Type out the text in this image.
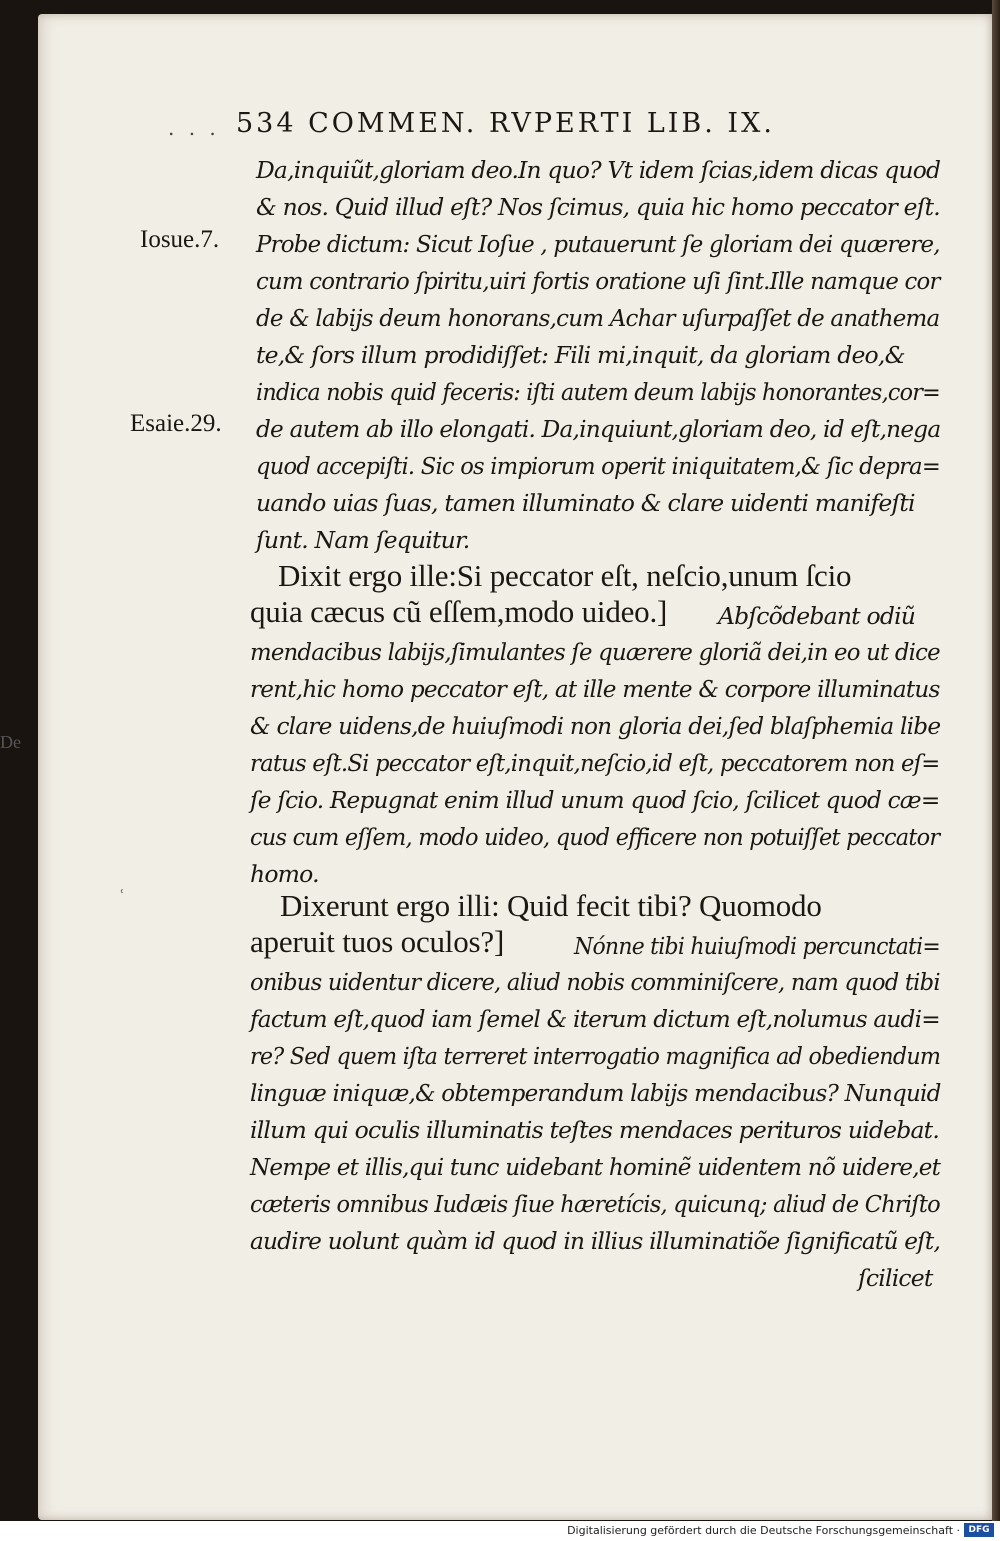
. . . 534 COMMEN. RVPERTI LIB. IX.
Iosue.7.
Esaie.29.
De
ʿ
Da,inquiũt,gloriam deo.In quo? Vt idem ſcias,idem dicas quod
& nos. Quid illud eſt? Nos ſcimus, quia hic homo peccator eſt.
Probe dictum: Sicut Ioſue , putauerunt ſe gloriam dei quærere,
cum contrario ſpiritu,uiri fortis oratione uſi ſint.Ille namque cor
de & labijs deum honorans,cum Achar uſurpaſſet de anathema
te,& ſors illum prodidiſſet: Fili mi,inquit, da gloriam deo,&
indica nobis quid feceris: iſti autem deum labijs honorantes,cor=
de autem ab illo elongati. Da,inquiunt,gloriam deo, id eſt,nega
quod accepiſti. Sic os impiorum operit iniquitatem,& ſic depra=
uando uias ſuas, tamen illuminato & clare uidenti manifeſti
ſunt. Nam ſequitur.
Dixit ergo ille:Si peccator eſt, neſcio,unum ſcio
quia cæcus cũ eſſem,modo uideo.] Abſcõdebant odiũ
mendacibus labijs,ſimulantes ſe quærere gloriã dei,in eo ut dice
rent,hic homo peccator eſt, at ille mente & corpore illuminatus
& clare uidens,de huiuſmodi non gloria dei,ſed blaſphemia libe
ratus eſt.Si peccator eſt,inquit,neſcio,id eſt, peccatorem non eſ=
ſe ſcio. Repugnat enim illud unum quod ſcio, ſcilicet quod cæ=
cus cum eſſem, modo uideo, quod efficere non potuiſſet peccator
homo.
Dixerunt ergo illi: Quid fecit tibi? Quomodo
aperuit tuos oculos?]	Nónne tibi huiuſmodi percunctati=
onibus uidentur dicere, aliud nobis comminiſcere, nam quod tibi
factum eſt,quod iam ſemel & iterum dictum eſt,nolumus audi=
re? Sed quem iſta terreret interrogatio magnifica ad obediendum
linguæ iniquæ,& obtemperandum labijs mendacibus? Nunquid
illum qui oculis illuminatis teſtes mendaces perituros uidebat.
Nempe et illis,qui tunc uidebant hominẽ uidentem nõ uidere,et
cæteris omnibus Iudæis ſiue hæretícis, quicunq; aliud de Chriſto
audire uolunt quàm id quod in illius illuminatiõe ſignificatũ eſt,
ſcilicet
Digitalisierung gefördert durch die Deutsche Forschungsgemeinschaft · DFG
